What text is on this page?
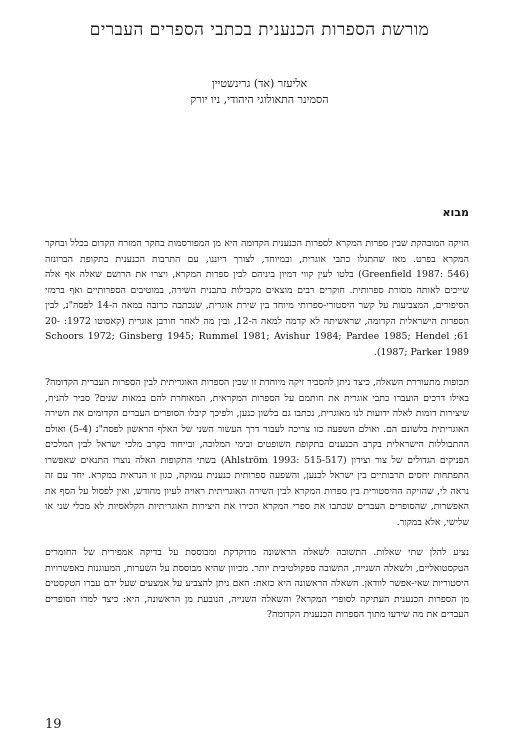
מורשת הספרות הכנענית בכתבי הספרים העברים
אליעזר (אד) גרינשטיין
הסמינר התאולוגי היהודי, ניו יורק
מבוא

הזיקה המובהקת שבין ספרות המקרא לספרות הכנענית הקדומה היא מן המפורסמות בחקר המזרח הקדום בכלל ובחקר המקרא בפרט. מאז שהתגלו כתבי אוגרית, ובמיוחד, לצורך דיוננו, עם התרבות הכנענית בתקופת הברונזה (Greenfield 1987: 546) בלטו לעין קווי דמיון ביניהם לבין ספרות המקרא, ויצרו את הרושם שאלה אף אלה שייכים לאותה מסורת ספרותית. חוקרים רבים מוצאים מקבילות בתבנית השירה, במוטיבים הספרותיים ואף ברמזי הסיפורים, המצביעות על קשר היסטורי-ספרותי מיוחד בין שירת אוגרית, שנכתבה כרובה במאה ה-14 לפסה"נ, לבין הספרות הישראלית הקדומה, שראשיתה לא קדמה למאה ה-12, ובין מה לאחר חורבן אוגרית (קאסוטו 1972: 20-61; Schoors 1972; Ginsberg 1945; Rummel 1981; Avishur 1984; Pardee 1985; Hendel 1987; Parker 1989).

תכופות מתעוררת השאלה, כיצד ניתן להסביר זיקה מיוחדת זו שבין הספרות האוגריתית לבין הספרות העברית הקדומה? באילו דרכים הועברו כתבי אוגרית את חותמם על הספרות המקראית, המאוחרת להם במאות שנים? סביר להניח, שיצירות דומות לאלה ידועות לנו מאוגרית, נכתבו גם בלשון כנען, ולפיכך קיבלו הסופרים העברים הקדומים את השירה האוגריתית בלשונם הם. ואולם השפעה כזו צריכה לעבור דרך העשור השני של האלף הראשון לפסה"נ (5-4) ואולם ההתבוללות הישראלית בקרב הכנענים בתקופת השופטים ובימי המלוכה, ובייחוד בקרב מלכי ישראל לבין המלכים הפניקים הגדולים של צור וצידון (Ahlström 1993: 515-517) בשתי התקופות האלה נוצרו התנאים שאפשרו התפתחות יחסים תרבותיים בין ישראל לכנען, והשפעה ספרותית כנענית עמוקה, כגון זו הנראית במקרא. יחד עם זה נראה לי, שהזיקה ההיסטורית בין ספרות המקרא לבין השירה האוגריתית ראויה לעיון מחודש, ואין לפסול על הסף את האפשרות, שהסופרים העברים שכתבו את ספרי המקרא הכירו את היצירות האוגריתיות הקלאסיות לא מכלי שני או שלישי, אלא במקור.

נציע להלן שתי שאלות. התשובה לשאלה הראשונה מדוקדקת ומבוססת על בדיקה אמפירית של החומרים הטקסטואליים, ולשאלה השנייה, התשובה ספקולטיבית יותר. מכיוון שהיא מבוססת על השערות, המעוגנות באפשרויות היסטוריות שאי-אפשר לוודאן. השאלה הראשונה היא כזאת: האם ניתן להצביע על אמצעים שעל ידם עברו הטקסטים מן הספרות הכנענית העתיקה לסופרי המקרא? והשאלה השנייה, הנובעת מן הראשונה, היא: כיצד למדו הסופרים העברים את מה שידעו מתוך הספרות הכנענית הקדומה?

19
